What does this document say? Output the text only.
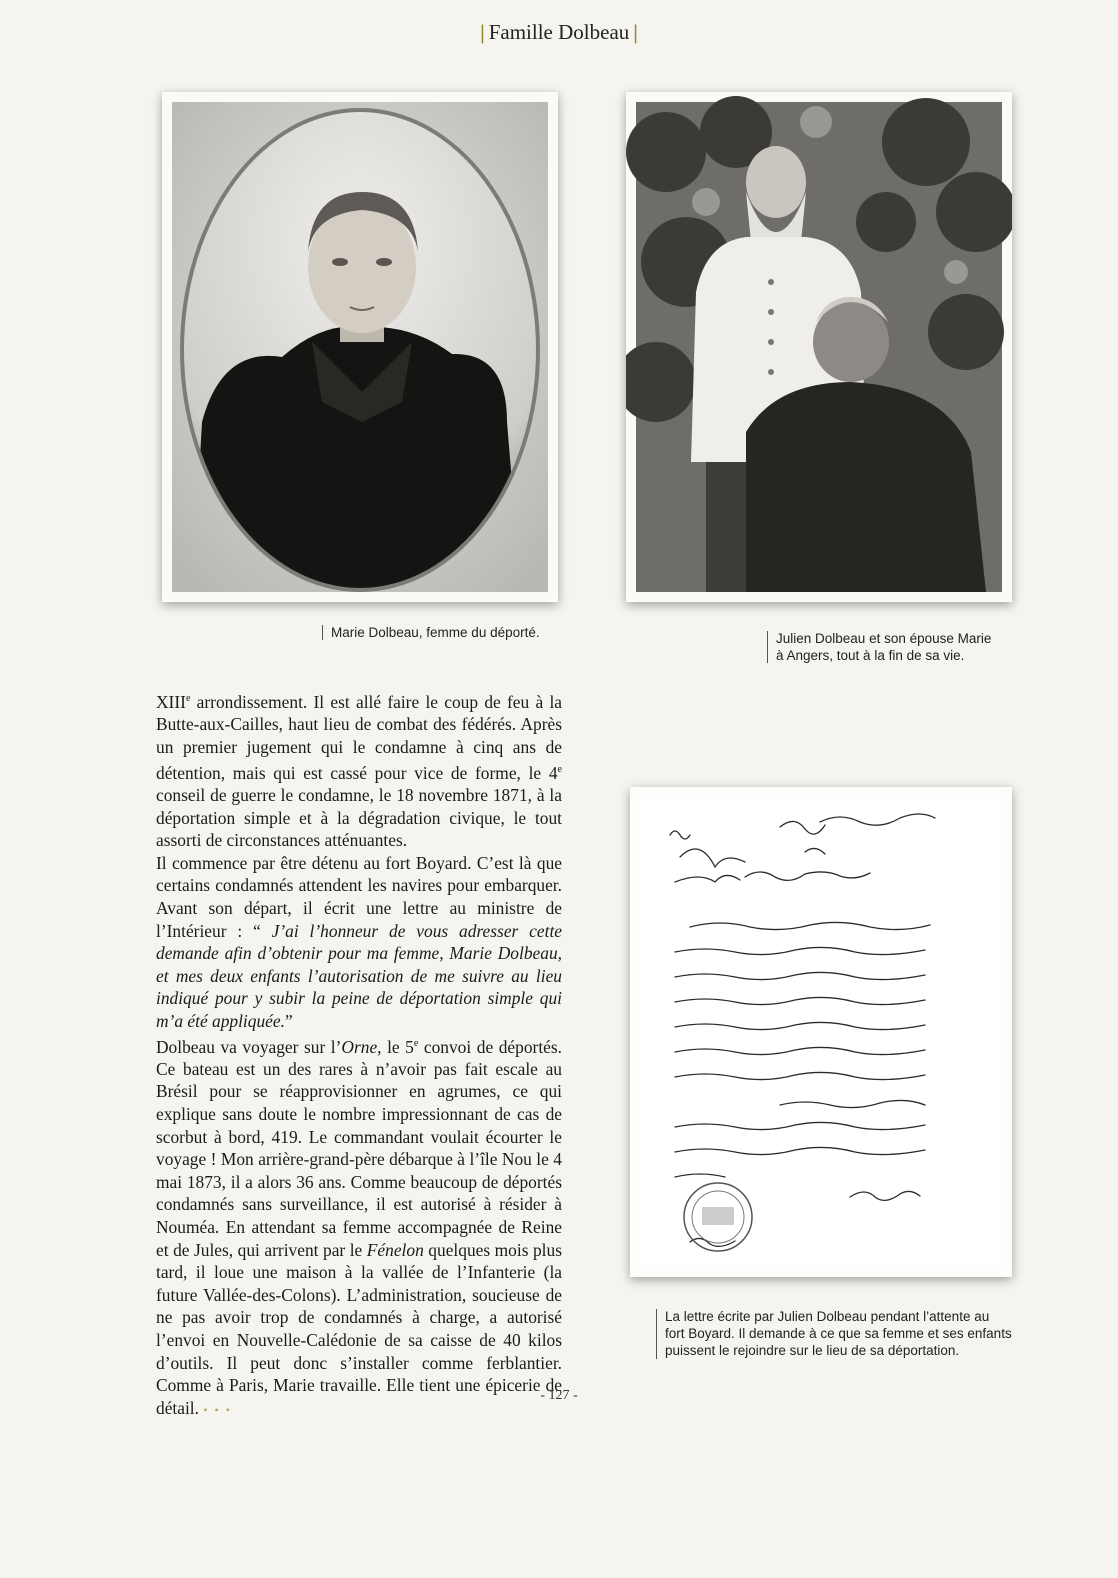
| Famille Dolbeau |
Marie Dolbeau, femme du déporté.	Julien Dolbeau et son épouse Marie
à Angers, tout à la fin de sa vie.

XIIIe arrondissement. Il est allé faire le coup de feu à la Butte-aux-Cailles, haut lieu de combat des fédérés. Après un premier jugement qui le condamne à cinq ans de détention, mais qui est cassé pour vice de forme, le 4e conseil de guerre le condamne, le 18 novembre 1871, à la déportation simple et à la dégradation civique, le tout assorti de circonstances atténuantes.

Il commence par être détenu au fort Boyard. C’est là que certains condamnés attendent les navires pour embarquer. Avant son départ, il écrit une lettre au ministre de l’Intérieur : “ J’ai l’honneur de vous adresser cette demande afin d’obtenir pour ma femme, Marie Dolbeau, et mes deux enfants l’autorisation de me suivre au lieu indiqué pour y subir la peine de déportation simple qui m’a été appliquée.”

Dolbeau va voyager sur l’Orne, le 5e convoi de déportés. Ce bateau est un des rares à n’avoir pas fait escale au Brésil pour se réapprovisionner en agrumes, ce qui explique sans doute le nombre impressionnant de cas de scorbut à bord, 419. Le commandant voulait écourter le voyage ! Mon arrière-grand-père débarque à l’île Nou le 4 mai 1873, il a alors 36 ans. Comme beaucoup de déportés condamnés sans surveillance, il est autorisé à résider à Nouméa. En attendant sa femme accompagnée de Reine et de Jules, qui arrivent par le Fénelon quelques mois plus tard, il loue une maison à la vallée de l’Infanterie (la future Vallée-des-Colons). L’administration, soucieuse de ne pas avoir trop de condamnés à charge, a autorisé l’envoi en Nouvelle-Calédonie de sa caisse de 40 kilos d’outils. Il peut donc s’installer comme ferblantier. Comme à Paris, Marie travaille. Elle tient une épicerie de détail. • • •

La lettre écrite par Julien Dolbeau pendant l’attente au
fort Boyard. Il demande à ce que sa femme et ses enfants
puissent le rejoindre sur le lieu de sa déportation.
- 127 -
